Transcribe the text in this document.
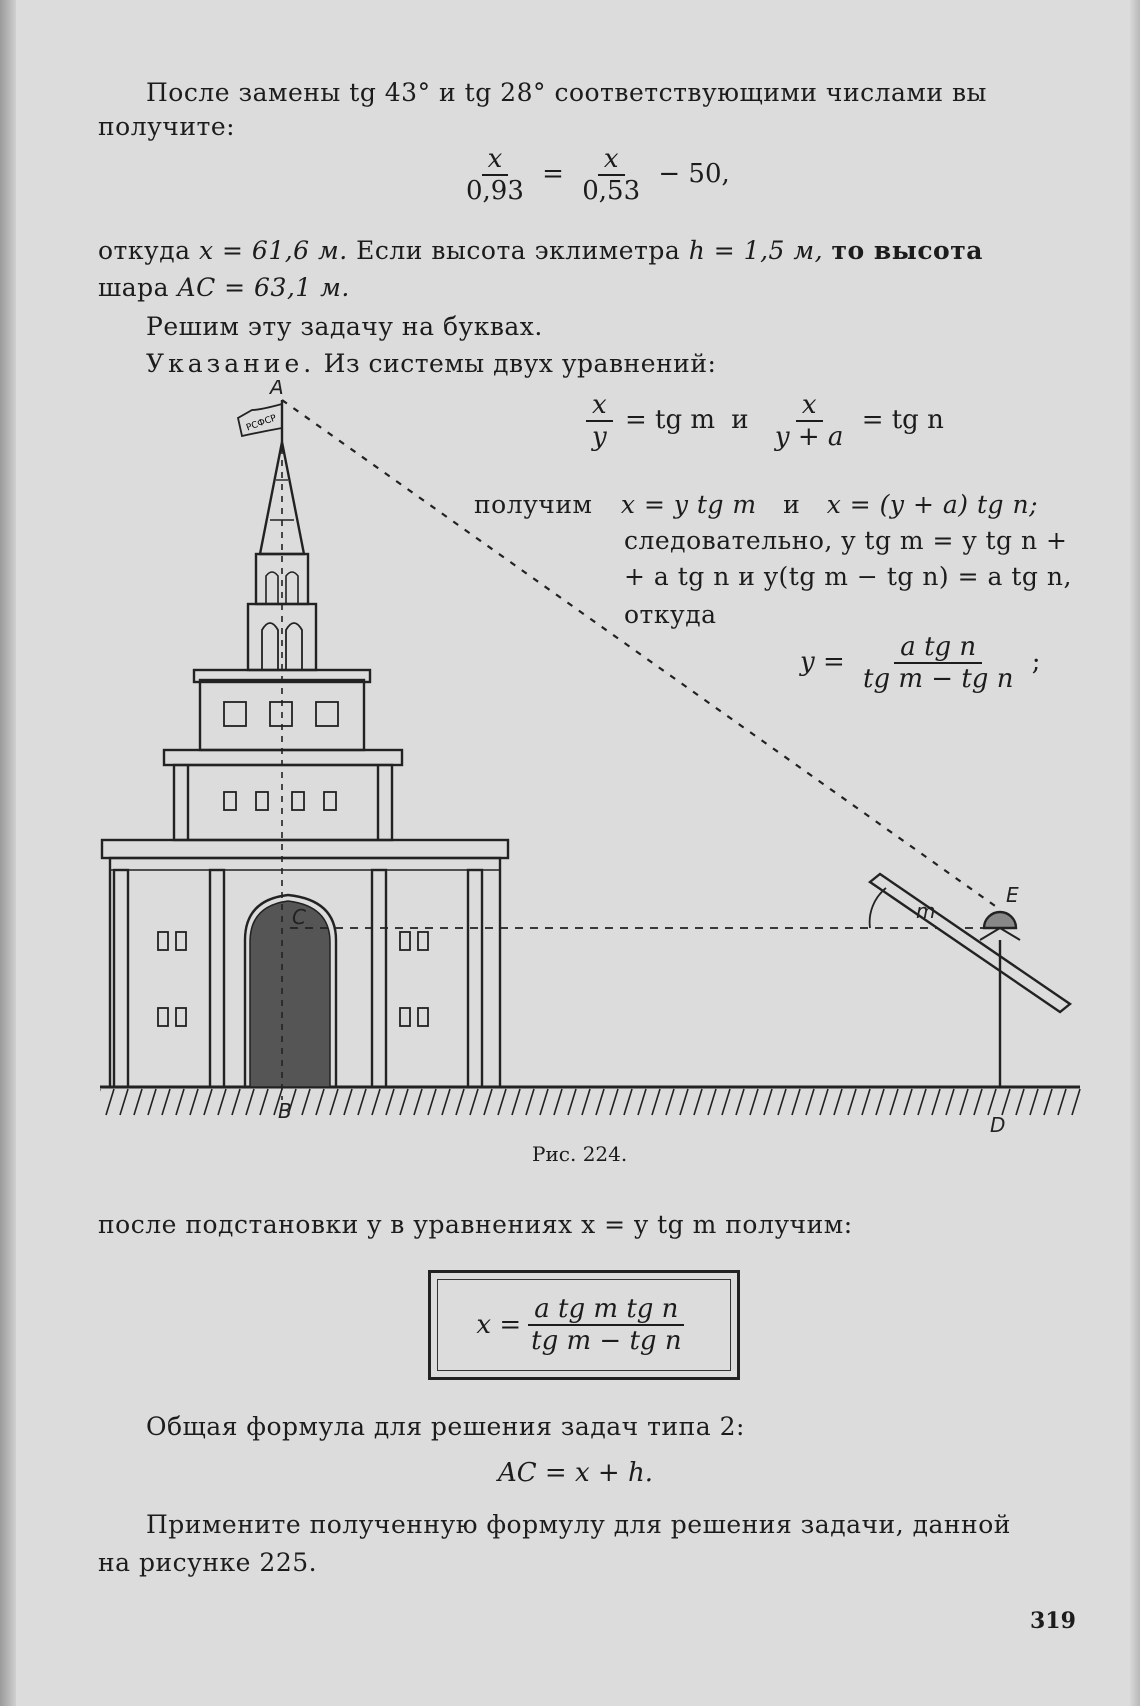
После замены tg 43° и tg 28° соответствующими числами вы
получите:
$\frac{x}{0,93} = \frac{x}{0,53} - 50$,
откуда x = 61,6 м. Если высота эклиметра h = 1,5 м, то высота
шара AC = 63,1 м.
Решим эту задачу на буквах.
Указание. Из системы двух уравнений:
$\frac{x}{y}$ = tg m и $\frac{x}{y + a}$ = tg n
получим x = y tg m и x = (y + a) tg n;
следовательно, y tg m = y tg n +
+ a tg n и y(tg m − tg n) = a tg n,
откуда
$y = \frac{\text{a tg n}}{\text{tg m − tg n}}$ ;
A
B
C
D
E
m
РСФСР
Рис. 224.
после подстановки y в уравнениях x = y tg m получим:
$x = \frac{\text{a tg m tg n}}{\text{tg m − tg n}}$
Общая формула для решения задач типа 2:
AC = x + h.
Примените полученную формулу для решения задачи, данной
на рисунке 225.
319
